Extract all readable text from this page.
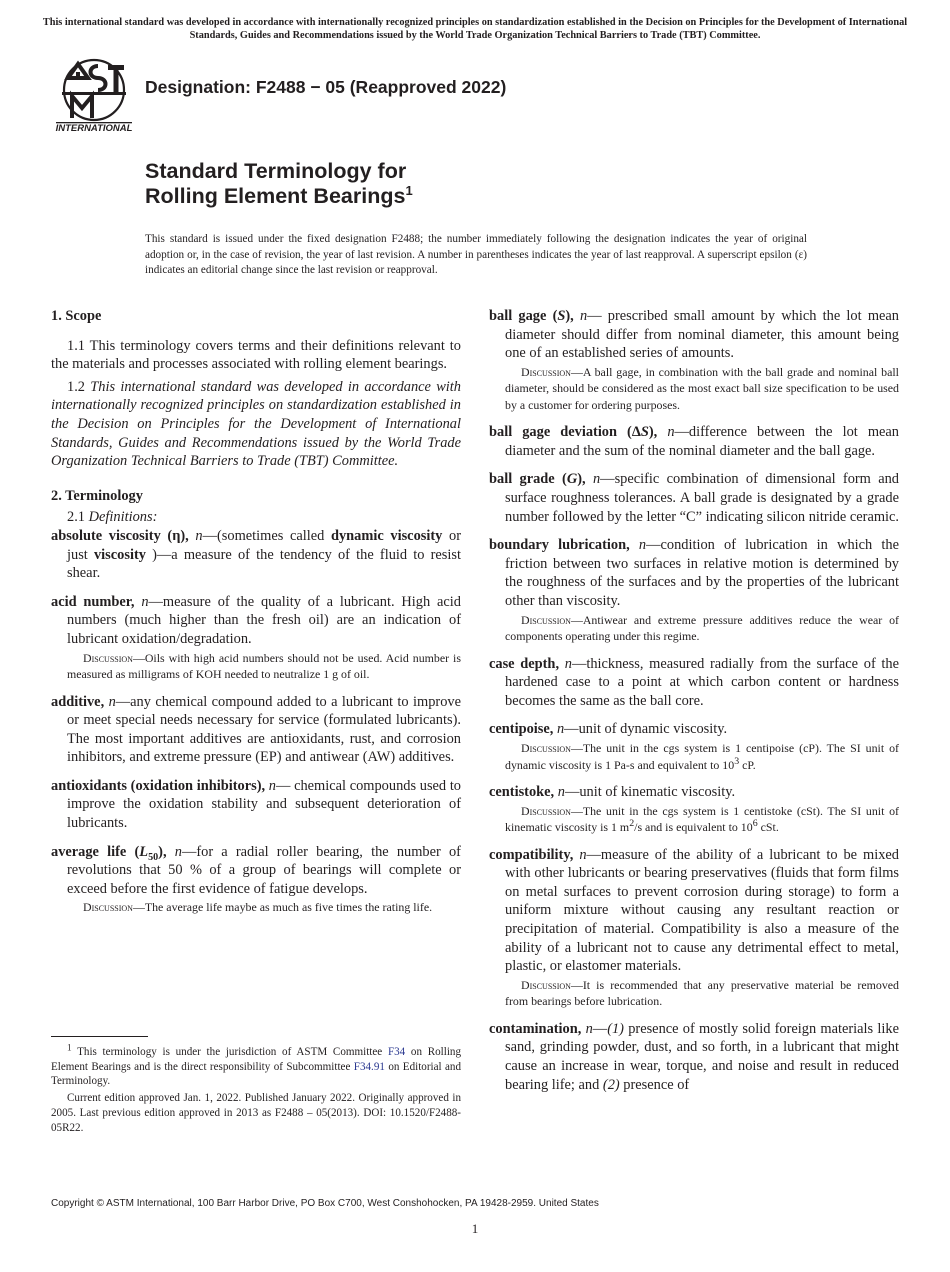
This international standard was developed in accordance with internationally recognized principles on standardization established in the Decision on Principles for the Development of International Standards, Guides and Recommendations issued by the World Trade Organization Technical Barriers to Trade (TBT) Committee.
INTERNATIONAL
Designation: F2488 − 05 (Reapproved 2022)
Standard Terminology for
Rolling Element Bearings$^1$
This standard is issued under the fixed designation F2488; the number immediately following the designation indicates the year of original adoption or, in the case of revision, the year of last revision. A number in parentheses indicates the year of last reapproval. A superscript epsilon (ε) indicates an editorial change since the last revision or reapproval.
1. Scope
1.1 This terminology covers terms and their definitions relevant to the materials and processes associated with rolling element bearings.
1.2 This international standard was developed in accordance with internationally recognized principles on standardization established in the Decision on Principles for the Development of International Standards, Guides and Recommendations issued by the World Trade Organization Technical Barriers to Trade (TBT) Committee.
2. Terminology
2.1 Definitions:
absolute viscosity (η), n—(sometimes called dynamic viscosity or just viscosity )—a measure of the tendency of the fluid to resist shear.
acid number, n—measure of the quality of a lubricant. High acid numbers (much higher than the fresh oil) are an indication of lubricant oxidation/degradation.
Discussion—Oils with high acid numbers should not be used. Acid number is measured as milligrams of KOH needed to neutralize 1 g of oil.
additive, n—any chemical compound added to a lubricant to improve or meet special needs necessary for service (formulated lubricants). The most important additives are antioxidants, rust, and corrosion inhibitors, and extreme pressure (EP) and antiwear (AW) additives.
antioxidants (oxidation inhibitors), n— chemical compounds used to improve the oxidation stability and subsequent deterioration of lubricants.
average life $(L_{50})$, n—for a radial roller bearing, the number of revolutions that 50 % of a group of bearings will complete or exceed before the first evidence of fatigue develops.
Discussion—The average life maybe as much as five times the rating life.
$^1$ This terminology is under the jurisdiction of ASTM Committee F34 on Rolling Element Bearings and is the direct responsibility of Subcommittee F34.91 on Editorial and Terminology.
Current edition approved Jan. 1, 2022. Published January 2022. Originally approved in 2005. Last previous edition approved in 2013 as F2488 – 05(2013). DOI: 10.1520/F2488-05R22.
ball gage (S), n— prescribed small amount by which the lot mean diameter should differ from nominal diameter, this amount being one of an established series of amounts.
Discussion—A ball gage, in combination with the ball grade and nominal ball diameter, should be considered as the most exact ball size specification to be used by a customer for ordering purposes.
ball gage deviation (ΔS), n—difference between the lot mean diameter and the sum of the nominal diameter and the ball gage.
ball grade (G), n—specific combination of dimensional form and surface roughness tolerances. A ball grade is designated by a grade number followed by the letter “C” indicating silicon nitride ceramic.
boundary lubrication, n—condition of lubrication in which the friction between two surfaces in relative motion is determined by the roughness of the surfaces and by the properties of the lubricant other than viscosity.
Discussion—Antiwear and extreme pressure additives reduce the wear of components operating under this regime.
case depth, n—thickness, measured radially from the surface of the hardened case to a point at which carbon content or hardness becomes the same as the ball core.
centipoise, n—unit of dynamic viscosity.
Discussion—The unit in the cgs system is 1 centipoise (cP). The SI unit of dynamic viscosity is 1 Pa-s and equivalent to $10^3$ cP.
centistoke, n—unit of kinematic viscosity.
Discussion—The unit in the cgs system is 1 centistoke (cSt). The SI unit of kinematic viscosity is 1 $m^2/s$ and is equivalent to $10^6$ cSt.
compatibility, n—measure of the ability of a lubricant to be mixed with other lubricants or bearing preservatives (fluids that form films on metal surfaces to prevent corrosion during storage) to form a uniform mixture without causing any resultant reaction or precipitation of material. Compatibility is also a measure of the ability of a lubricant not to cause any detrimental effect to metal, plastic, or elastomer materials.
Discussion—It is recommended that any preservative material be removed from bearings before lubrication.
contamination, n—(1) presence of mostly solid foreign materials like sand, grinding powder, dust, and so forth, in a lubricant that might cause an increase in wear, torque, and noise and result in reduced bearing life; and (2) presence of
Copyright © ASTM International, 100 Barr Harbor Drive, PO Box C700, West Conshohocken, PA 19428-2959. United States
1
